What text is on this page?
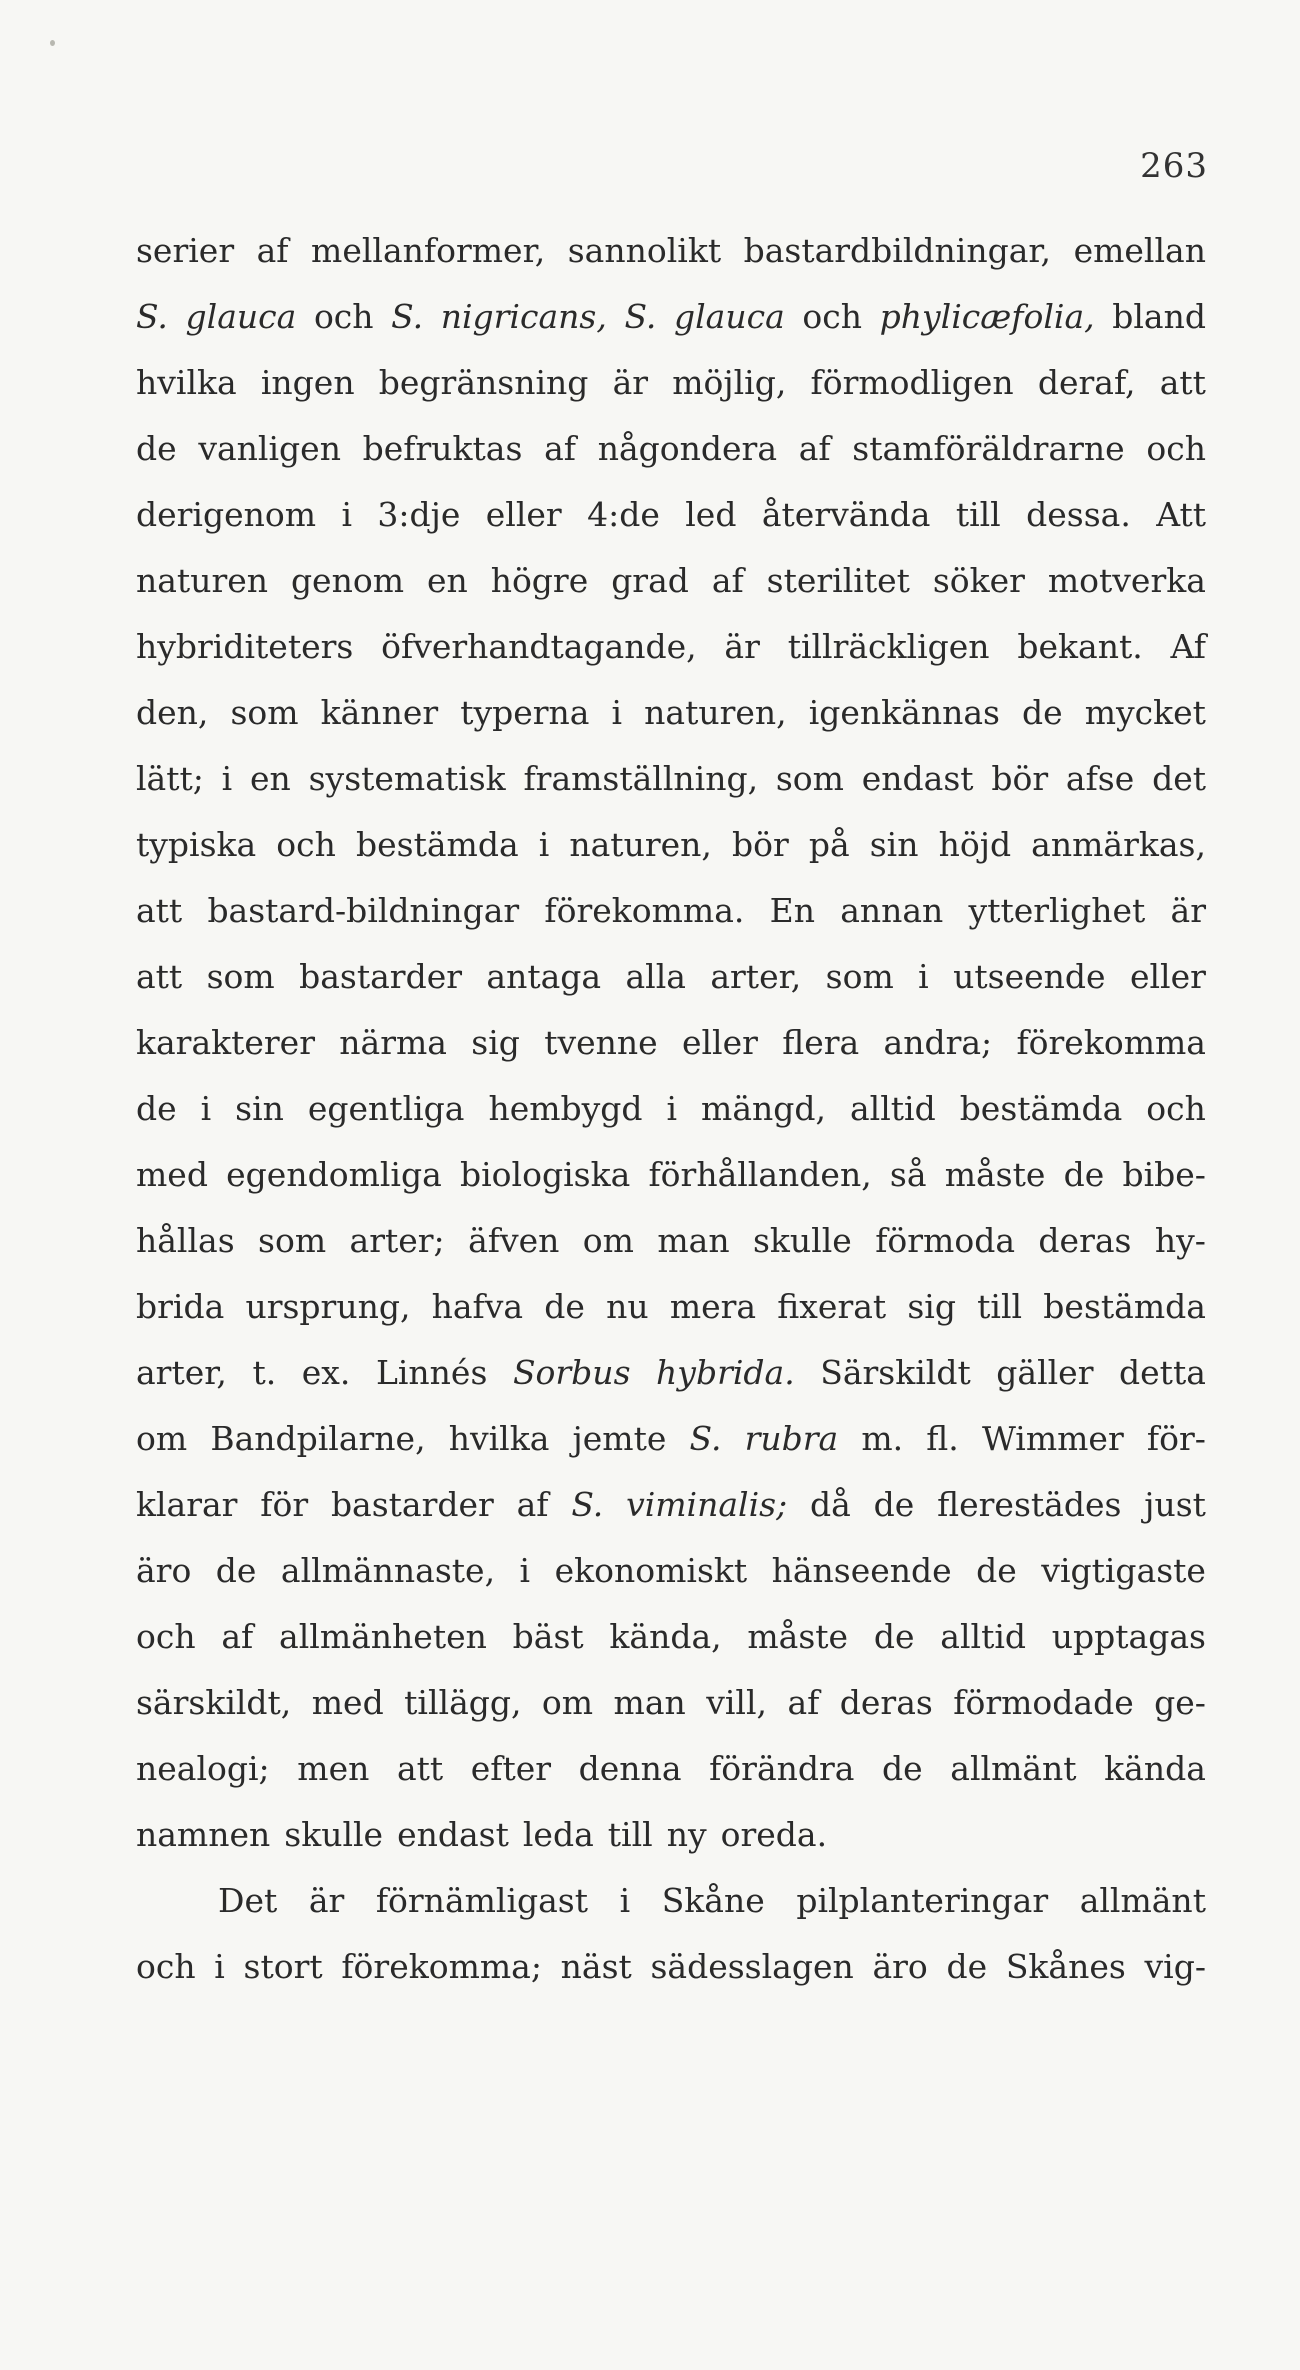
263
serier af mellanformer, sannolikt bastardbildningar, emellan
S. glauca och S. nigricans, S. glauca och phylicæfolia, bland
hvilka ingen begränsning är möjlig, förmodligen deraf, att
de vanligen befruktas af någondera af stamföräldrarne och
derigenom i 3:dje eller 4:de led återvända till dessa. Att
naturen genom en högre grad af sterilitet söker motverka
hybriditeters öfverhandtagande, är tillräckligen bekant. Af
den, som känner typerna i naturen, igenkännas de mycket
lätt; i en systematisk framställning, som endast bör afse det
typiska och bestämda i naturen, bör på sin höjd anmärkas,
att bastard-bildningar förekomma. En annan ytterlighet är
att som bastarder antaga alla arter, som i utseende eller
karakterer närma sig tvenne eller flera andra; förekomma
de i sin egentliga hembygd i mängd, alltid bestämda och
med egendomliga biologiska förhållanden, så måste de bibe-
hållas som arter; äfven om man skulle förmoda deras hy-
brida ursprung, hafva de nu mera fixerat sig till bestämda
arter, t. ex. Linnés Sorbus hybrida. Särskildt gäller detta
om Bandpilarne, hvilka jemte S. rubra m. fl. Wimmer för-
klarar för bastarder af S. viminalis; då de flerestädes just
äro de allmännaste, i ekonomiskt hänseende de vigtigaste
och af allmänheten bäst kända, måste de alltid upptagas
särskildt, med tillägg, om man vill, af deras förmodade ge-
nealogi; men att efter denna förändra de allmänt kända
namnen skulle endast leda till ny oreda.
Det är förnämligast i Skåne pilplanteringar allmänt
och i stort förekomma; näst sädesslagen äro de Skånes vig-
